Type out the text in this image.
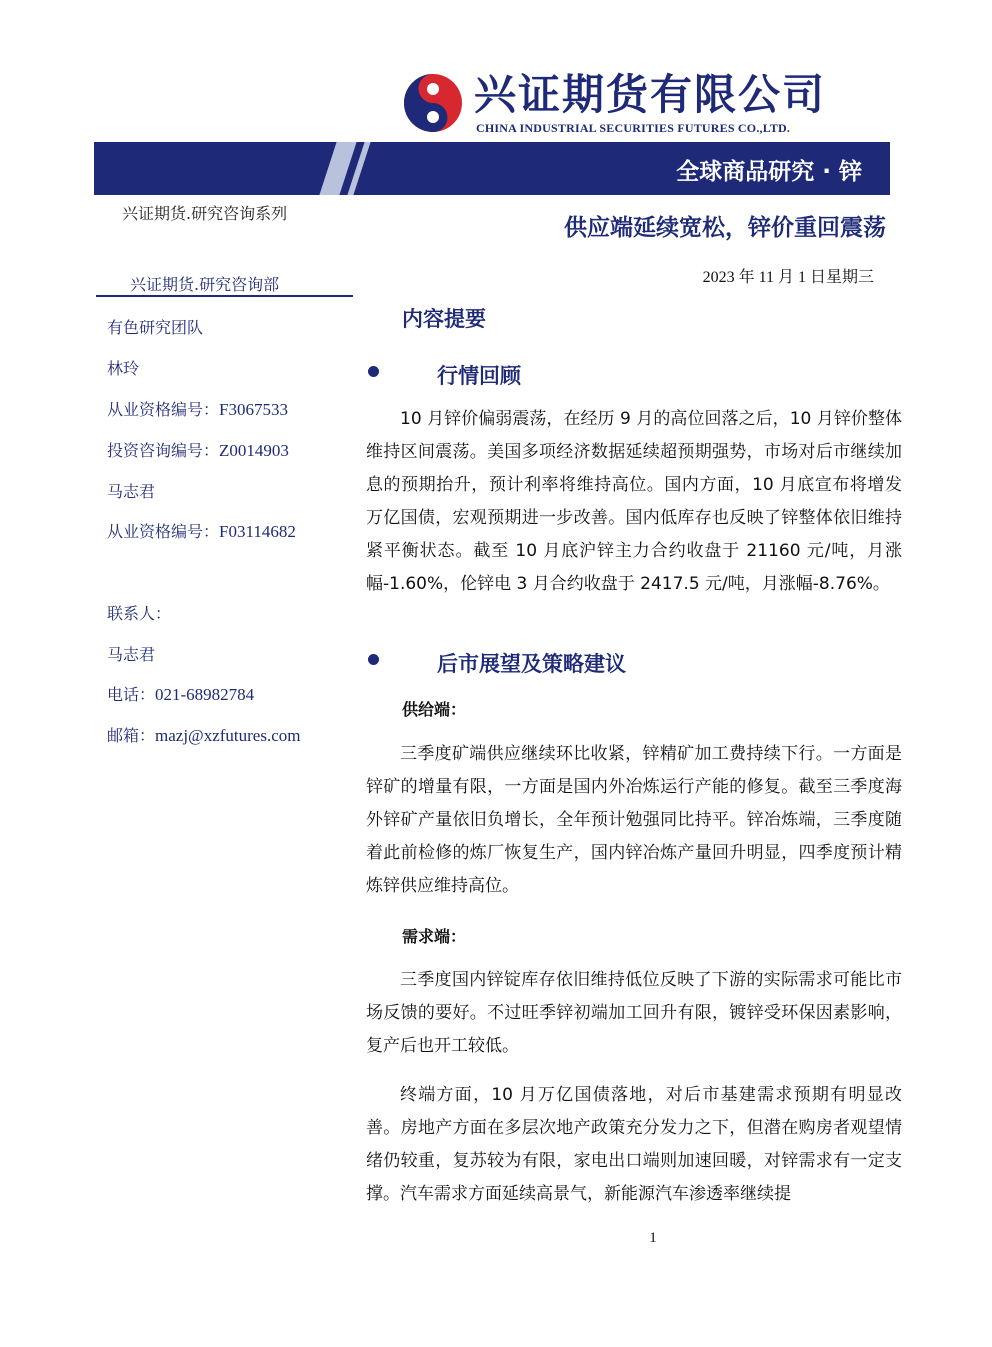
兴证期货有限公司
CHINA INDUSTRIAL SECURITIES FUTURES CO.,LTD.
全球商品研究 · 锌
兴证期货.研究咨询系列
供应端延续宽松，锌价重回震荡
2023 年 11 月 1 日星期三
兴证期货.研究咨询部
有色研究团队
林玲
从业资格编号：F3067533
投资咨询编号：Z0014903
马志君
从业资格编号：F03114682
联系人：
马志君
电话：021-68982784
邮箱：mazj@xzfutures.com
内容提要
行情回顾

10 月锌价偏弱震荡，在经历 9 月的高位回落之后，10 月锌价整体维持区间震荡。美国多项经济数据延续超预期强势，市场对后市继续加息的预期抬升，预计利率将维持高位。国内方面，10 月底宣布将增发万亿国债，宏观预期进一步改善。国内低库存也反映了锌整体依旧维持紧平衡状态。截至 10 月底沪锌主力合约收盘于 21160 元/吨，月涨幅-1.60%，伦锌电 3 月合约收盘于 2417.5 元/吨，月涨幅-8.76%。

后市展望及策略建议
供给端：

三季度矿端供应继续环比收紧，锌精矿加工费持续下行。一方面是锌矿的增量有限，一方面是国内外冶炼运行产能的修复。截至三季度海外锌矿产量依旧负增长，全年预计勉强同比持平。锌冶炼端，三季度随着此前检修的炼厂恢复生产，国内锌冶炼产量回升明显，四季度预计精炼锌供应维持高位。

需求端：

三季度国内锌锭库存依旧维持低位反映了下游的实际需求可能比市场反馈的要好。不过旺季锌初端加工回升有限，镀锌受环保因素影响，复产后也开工较低。

终端方面，10 月万亿国债落地，对后市基建需求预期有明显改善。房地产方面在多层次地产政策充分发力之下，但潜在购房者观望情绪仍较重，复苏较为有限，家电出口端则加速回暖，对锌需求有一定支撑。汽车需求方面延续高景气，新能源汽车渗透率继续提

1
